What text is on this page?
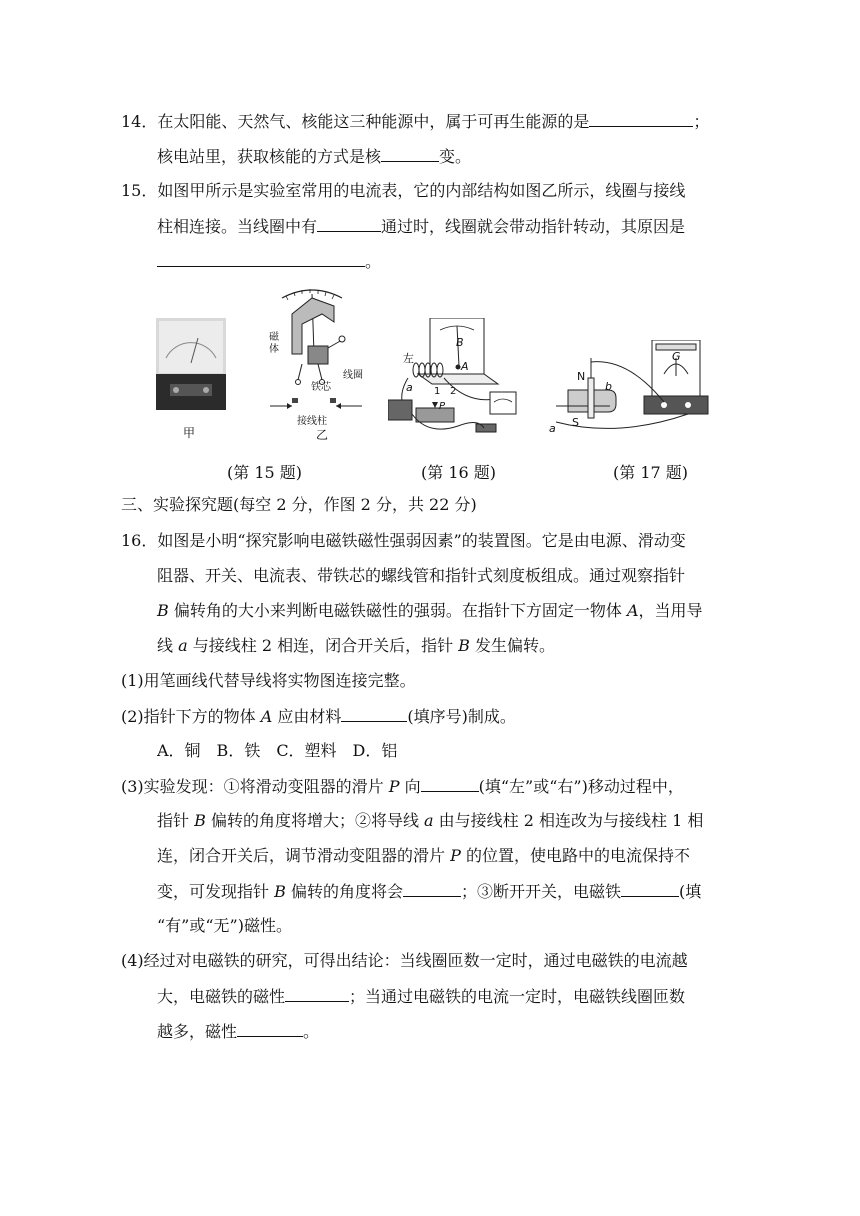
14．在太阳能、天然气、核能这三种能源中，属于可再生能源的是	；
核电站里，获取核能的方式是核	变。
15．如图甲所示是实验室常用的电流表，它的内部结构如图乙所示，线圈与接线
柱相连接。当线圈中有	通过时，线圈就会带动指针转动，其原因是
。
甲
磁
体
线圈
铁芯
接线柱
乙
左
B
A
a 1 2
P
N
S
a
b
G
(第 15 题)	(第 16 题)	(第 17 题)
三、实验探究题(每空 2 分，作图 2 分，共 22 分)
16．如图是小明“探究影响电磁铁磁性强弱因素”的装置图。它是由电源、滑动变
阻器、开关、电流表、带铁芯的螺线管和指针式刻度板组成。通过观察指针
B 偏转角的大小来判断电磁铁磁性的强弱。在指针下方固定一物体 A，当用导
线 a 与接线柱 2 相连，闭合开关后，指针 B 发生偏转。
(1)用笔画线代替导线将实物图连接完整。
(2)指针下方的物体 A 应由材料	(填序号)制成。
A．铜　B．铁　C．塑料　D．铝
(3)实验发现：①将滑动变阻器的滑片 P 向	(填“左”或“右”)移动过程中，
指针 B 偏转的角度将增大；②将导线 a 由与接线柱 2 相连改为与接线柱 1 相
连，闭合开关后，调节滑动变阻器的滑片 P 的位置，使电路中的电流保持不
变，可发现指针 B 偏转的角度将会	；③断开开关，电磁铁	(填
“有”或“无”)磁性。
(4)经过对电磁铁的研究，可得出结论：当线圈匝数一定时，通过电磁铁的电流越
大，电磁铁的磁性	；当通过电磁铁的电流一定时，电磁铁线圈匝数
越多，磁性	。
